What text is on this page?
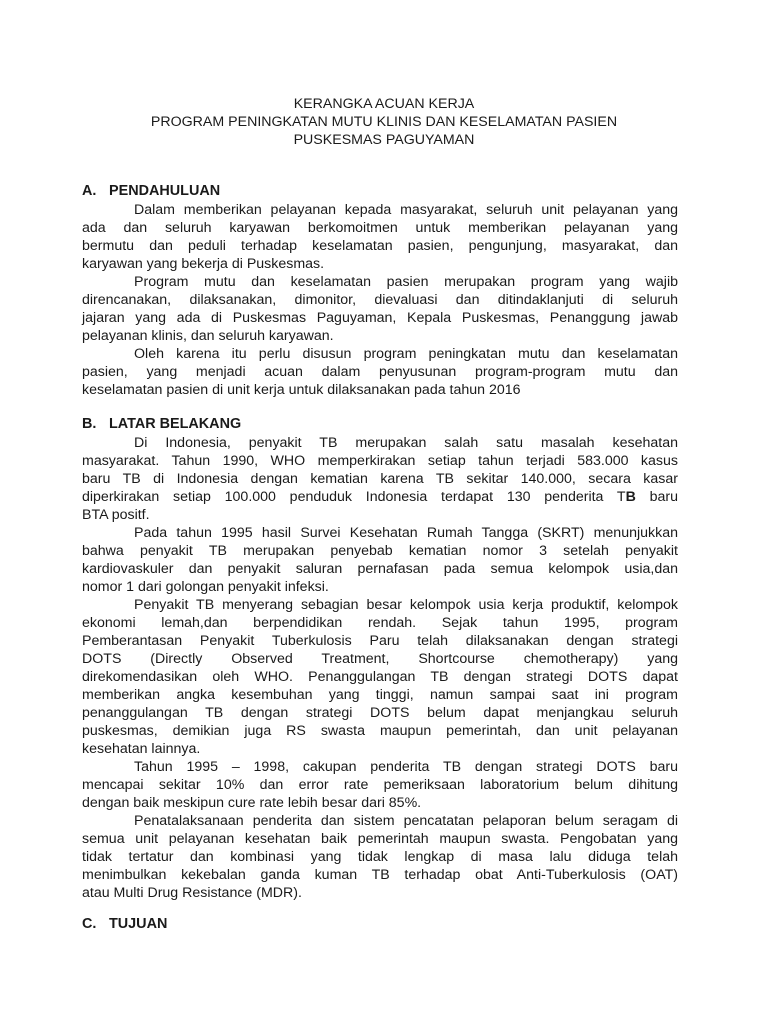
KERANGKA ACUAN KERJA
PROGRAM PENINGKATAN MUTU KLINIS DAN KESELAMATAN PASIEN
PUSKESMAS PAGUYAMAN
A. PENDAHULUAN
Dalam memberikan pelayanan kepada masyarakat, seluruh unit pelayanan yang
ada dan seluruh karyawan berkomoitmen untuk memberikan pelayanan yang
bermutu dan peduli terhadap keselamatan pasien, pengunjung, masyarakat, dan
karyawan yang bekerja di Puskesmas.
Program mutu dan keselamatan pasien merupakan program yang wajib
direncanakan, dilaksanakan, dimonitor, dievaluasi dan ditindaklanjuti di seluruh
jajaran yang ada di Puskesmas Paguyaman, Kepala Puskesmas, Penanggung jawab
pelayanan klinis, dan seluruh karyawan.
Oleh karena itu perlu disusun program peningkatan mutu dan keselamatan
pasien, yang menjadi acuan dalam penyusunan program-program mutu dan
keselamatan pasien di unit kerja untuk dilaksanakan pada tahun 2016
B. LATAR BELAKANG
Di Indonesia, penyakit TB merupakan salah satu masalah kesehatan
masyarakat. Tahun 1990, WHO memperkirakan setiap tahun terjadi 583.000 kasus
baru TB di Indonesia dengan kematian karena TB sekitar 140.000, secara kasar
diperkirakan setiap 100.000 penduduk Indonesia terdapat 130 penderita TB baru
BTA positf.
Pada tahun 1995 hasil Survei Kesehatan Rumah Tangga (SKRT) menunjukkan
bahwa penyakit TB merupakan penyebab kematian nomor 3 setelah penyakit
kardiovaskuler dan penyakit saluran pernafasan pada semua kelompok usia,dan
nomor 1 dari golongan penyakit infeksi.
Penyakit TB menyerang sebagian besar kelompok usia kerja produktif, kelompok
ekonomi lemah,dan berpendidikan rendah. Sejak tahun 1995, program
Pemberantasan Penyakit Tuberkulosis Paru telah dilaksanakan dengan strategi
DOTS (Directly Observed Treatment, Shortcourse chemotherapy) yang
direkomendasikan oleh WHO. Penanggulangan TB dengan strategi DOTS dapat
memberikan angka kesembuhan yang tinggi, namun sampai saat ini program
penanggulangan TB dengan strategi DOTS belum dapat menjangkau seluruh
puskesmas, demikian juga RS swasta maupun pemerintah, dan unit pelayanan
kesehatan lainnya.
Tahun 1995 – 1998, cakupan penderita TB dengan strategi DOTS baru
mencapai sekitar 10% dan error rate pemeriksaan laboratorium belum dihitung
dengan baik meskipun cure rate lebih besar dari 85%.
Penatalaksanaan penderita dan sistem pencatatan pelaporan belum seragam di
semua unit pelayanan kesehatan baik pemerintah maupun swasta. Pengobatan yang
tidak tertatur dan kombinasi yang tidak lengkap di masa lalu diduga telah
menimbulkan kekebalan ganda kuman TB terhadap obat Anti-Tuberkulosis (OAT)
atau Multi Drug Resistance (MDR).
C. TUJUAN
